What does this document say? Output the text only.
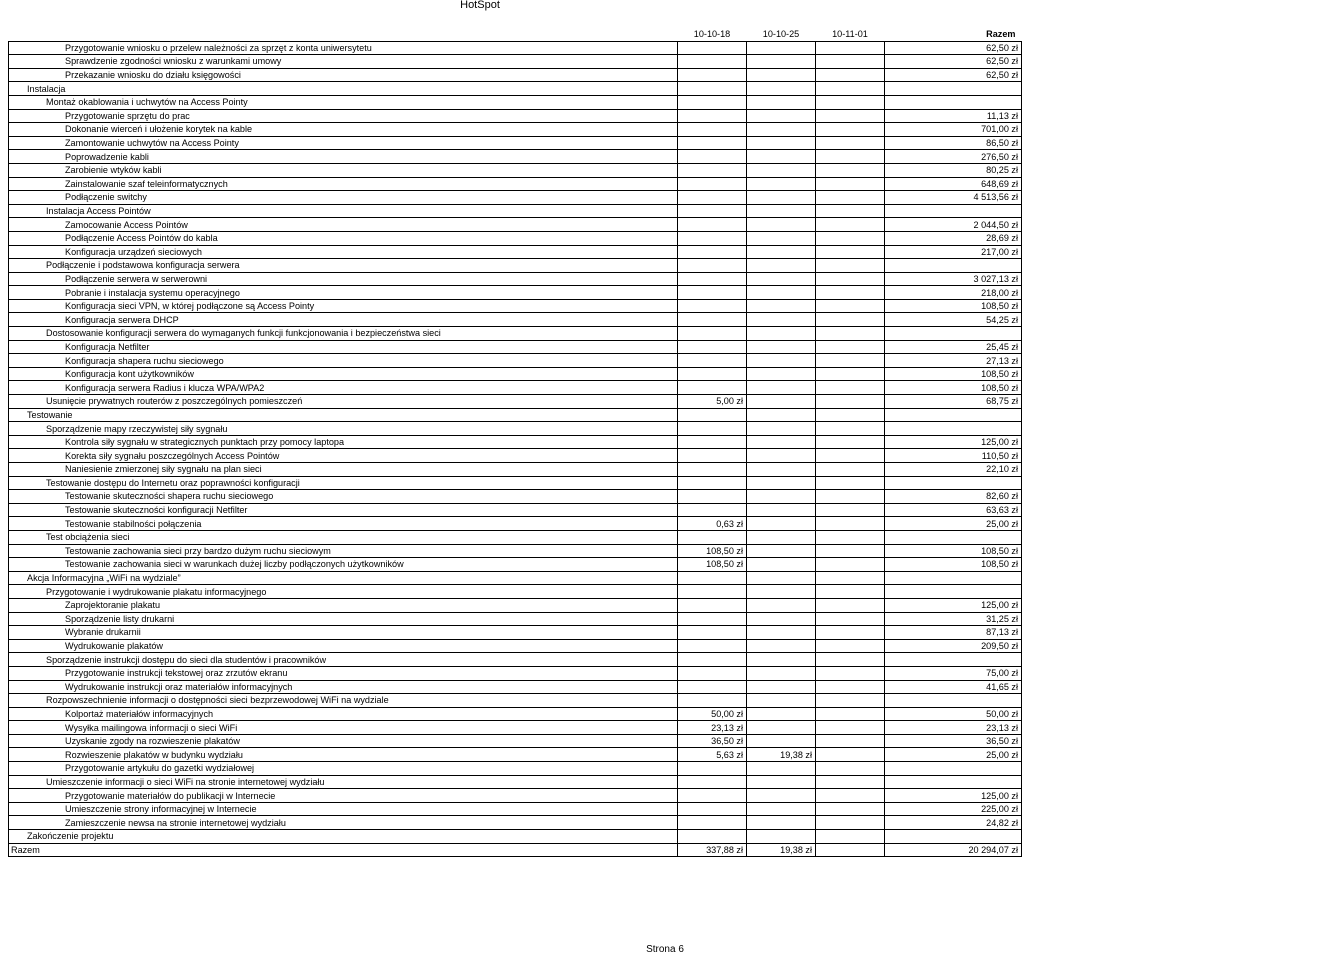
HotSpot
	10-10-18	10-10-25	10-11-01	Razem
Przygotowanie wniosku o przelew należności za sprzęt z konta uniwersytetu				62,50 zł
Sprawdzenie zgodności wniosku z warunkami umowy				62,50 zł
Przekazanie wniosku do działu księgowości				62,50 zł
Instalacja				
Montaż okablowania i uchwytów na Access Pointy				
Przygotowanie sprzętu do prac				11,13 zł
Dokonanie wierceń i ułożenie korytek na kable				701,00 zł
Zamontowanie uchwytów na Access Pointy				86,50 zł
Poprowadzenie kabli				276,50 zł
Zarobienie wtyków kabli				80,25 zł
Zainstalowanie szaf teleinformatycznych				648,69 zł
Podłączenie switchy				4 513,56 zł
Instalacja Access Pointów				
Zamocowanie Access Pointów				2 044,50 zł
Podłączenie Access Pointów do kabla				28,69 zł
Konfiguracja urządzeń sieciowych				217,00 zł
Podłączenie i podstawowa konfiguracja serwera				
Podłączenie serwera w serwerowni				3 027,13 zł
Pobranie i instalacja systemu operacyjnego				218,00 zł
Konfiguracja sieci VPN, w której podłączone są Access Pointy				108,50 zł
Konfiguracja serwera DHCP				54,25 zł
Dostosowanie konfiguracji serwera do wymaganych funkcji funkcjonowania i bezpieczeństwa sieci				
Konfiguracja Netfilter				25,45 zł
Konfiguracja shapera ruchu sieciowego				27,13 zł
Konfiguracja kont użytkowników				108,50 zł
Konfiguracja serwera Radius i klucza WPA/WPA2				108,50 zł
Usunięcie prywatnych routerów z poszczególnych pomieszczeń	5,00 zł			68,75 zł
Testowanie				
Sporządzenie mapy rzeczywistej siły sygnału				
Kontrola siły sygnału w strategicznych punktach przy pomocy laptopa				125,00 zł
Korekta siły sygnału poszczególnych Access Pointów				110,50 zł
Naniesienie zmierzonej siły sygnału na plan sieci				22,10 zł
Testowanie dostępu do Internetu oraz poprawności konfiguracji				
Testowanie skuteczności shapera ruchu sieciowego				82,60 zł
Testowanie skuteczności konfiguracji Netfilter				63,63 zł
Testowanie stabilności połączenia	0,63 zł			25,00 zł
Test obciążenia sieci				
Testowanie zachowania sieci przy bardzo dużym ruchu sieciowym	108,50 zł			108,50 zł
Testowanie zachowania sieci w warunkach dużej liczby podłączonych użytkowników	108,50 zł			108,50 zł
Akcja Informacyjna „WiFi na wydziale”				
Przygotowanie i wydrukowanie plakatu informacyjnego				
Zaprojektoranie plakatu				125,00 zł
Sporządzenie listy drukarni				31,25 zł
Wybranie drukarnii				87,13 zł
Wydrukowanie plakatów				209,50 zł
Sporządzenie instrukcji dostępu do sieci dla studentów i pracowników				
Przygotowanie instrukcji tekstowej oraz zrzutów ekranu				75,00 zł
Wydrukowanie instrukcji oraz materiałów informacyjnych				41,65 zł
Rozpowszechnienie informacji o dostępności sieci bezprzewodowej WiFi na wydziale				
Kolportaż materiałów informacyjnych	50,00 zł			50,00 zł
Wysyłka mailingowa informacji o sieci WiFi	23,13 zł			23,13 zł
Uzyskanie zgody na rozwieszenie plakatów	36,50 zł			36,50 zł
Rozwieszenie plakatów w budynku wydziału	5,63 zł	19,38 zł		25,00 zł
Przygotowanie artykułu do gazetki wydziałowej				
Umieszczenie informacji o sieci WiFi na stronie internetowej wydziału				
Przygotowanie materiałów do publikacji w Internecie				125,00 zł
Umieszczenie strony informacyjnej w Internecie				225,00 zł
Zamieszczenie newsa na stronie internetowej wydziału				24,82 zł
Zakończenie projektu				
Razem	337,88 zł	19,38 zł		20 294,07 zł
Strona 6
